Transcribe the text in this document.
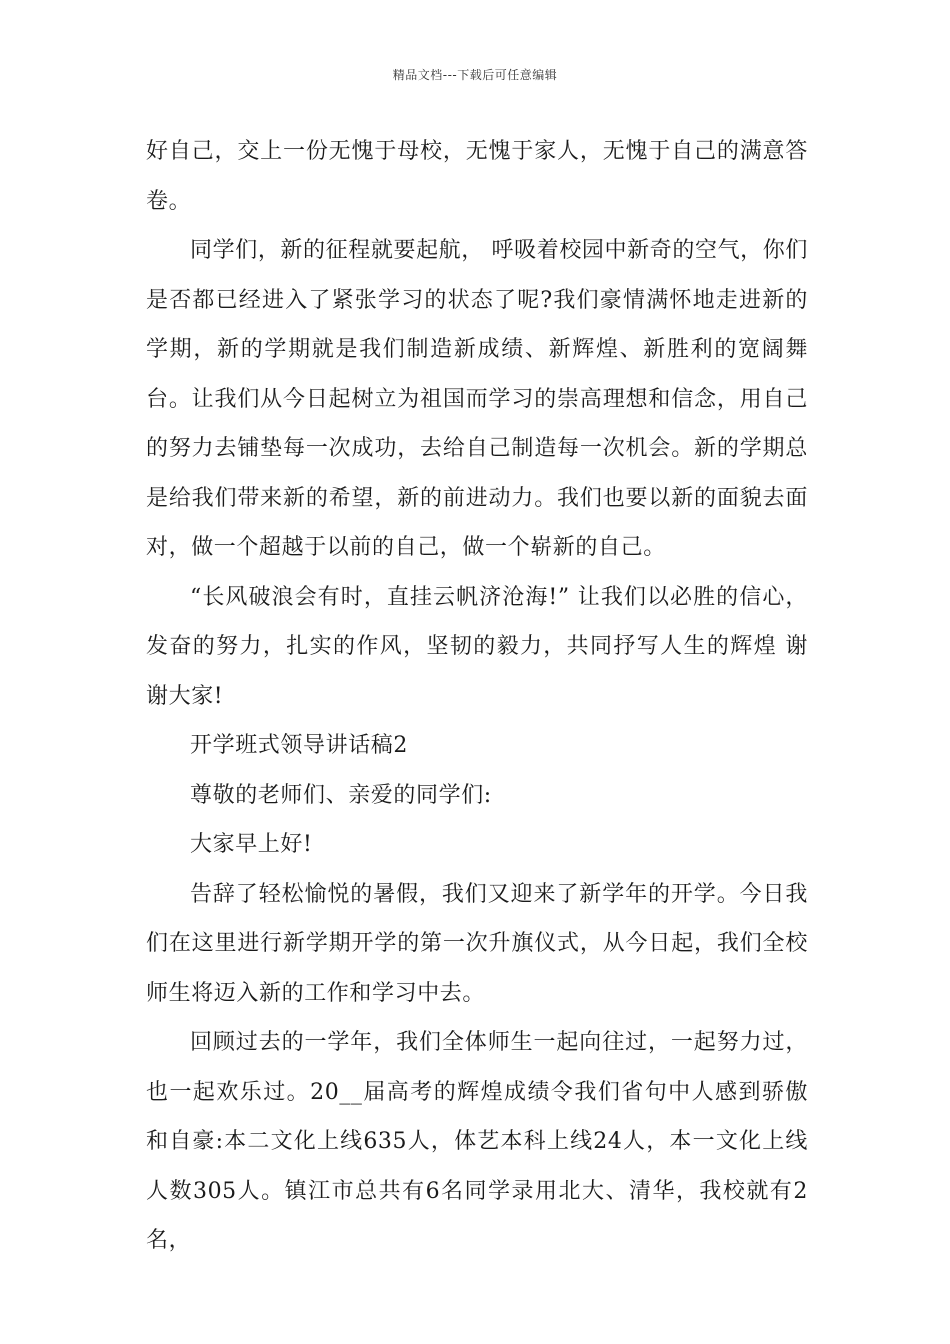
精品文档---下载后可任意编辑

好自己，交上一份无愧于母校，无愧于家人，无愧于自己的满意答卷。

同学们，新的征程就要起航， 呼吸着校园中新奇的空气，你们是否都已经进入了紧张学习的状态了呢?我们豪情满怀地走进新的学期，新的学期就是我们制造新成绩、新辉煌、新胜利的宽阔舞台。让我们从今日起树立为祖国而学习的崇高理想和信念，用自己的努力去铺垫每一次成功，去给自己制造每一次机会。新的学期总是给我们带来新的希望，新的前进动力。我们也要以新的面貌去面对，做一个超越于以前的自己，做一个崭新的自己。

“长风破浪会有时，直挂云帆济沧海!” 让我们以必胜的信心，发奋的努力，扎实的作风，坚韧的毅力，共同抒写人生的辉煌 谢谢大家!

开学班式领导讲话稿2

尊敬的老师们、亲爱的同学们:

大家早上好!

告辞了轻松愉悦的暑假，我们又迎来了新学年的开学。今日我们在这里进行新学期开学的第一次升旗仪式，从今日起，我们全校师生将迈入新的工作和学习中去。

回顾过去的一学年，我们全体师生一起向往过，一起努力过，也一起欢乐过。20__届高考的辉煌成绩令我们省句中人感到骄傲和自豪:本二文化上线635人，体艺本科上线24人，本一文化上线人数305人。镇江市总共有6名同学录用北大、清华，我校就有2名，
